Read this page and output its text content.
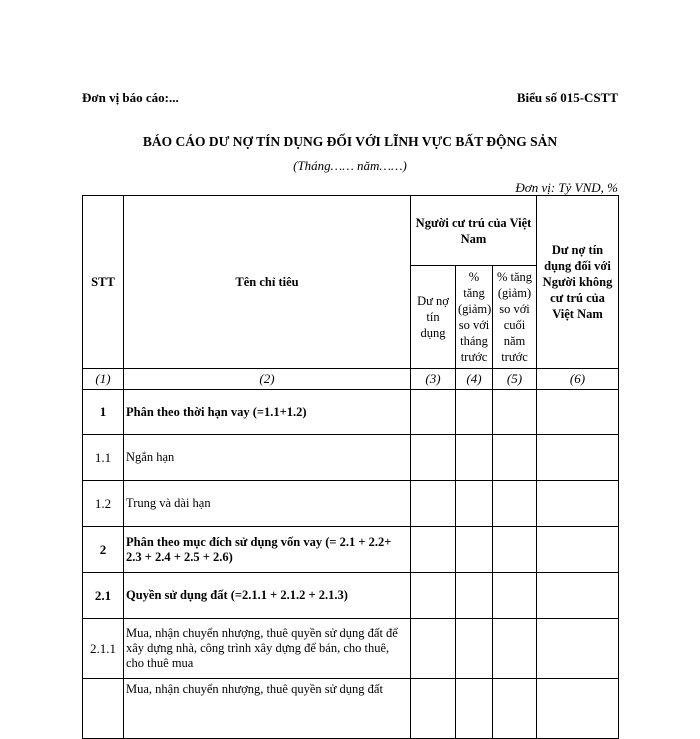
Đơn vị báo cáo:...	Biểu số 015-CSTT
BÁO CÁO DƯ NỢ TÍN DỤNG ĐỐI VỚI LĨNH VỰC BẤT ĐỘNG SẢN
(Tháng…… năm……)
Đơn vị: Tỷ VND, %
STT	Tên chỉ tiêu	Người cư trú của Việt Nam			Dư nợ tín dụng đối với Người không cư trú của Việt Nam
		Dư nợ tín dụng	% tăng (giảm) so với tháng trước	% tăng (giảm) so với cuối năm trước	
(1)	(2)	(3)	(4)	(5)	(6)
1	Phân theo thời hạn vay (=1.1+1.2)				
1.1	Ngắn hạn				
1.2	Trung và dài hạn				
2	Phân theo mục đích sử dụng vốn vay (= 2.1 + 2.2+ 2.3 + 2.4 + 2.5 + 2.6)				
2.1	Quyền sử dụng đất (=2.1.1 + 2.1.2 + 2.1.3)				
2.1.1	Mua, nhận chuyển nhượng, thuê quyền sử dụng đất để xây dựng nhà, công trình xây dựng để bán, cho thuê, cho thuê mua				
	Mua, nhận chuyển nhượng, thuê quyền sử dụng đất				
